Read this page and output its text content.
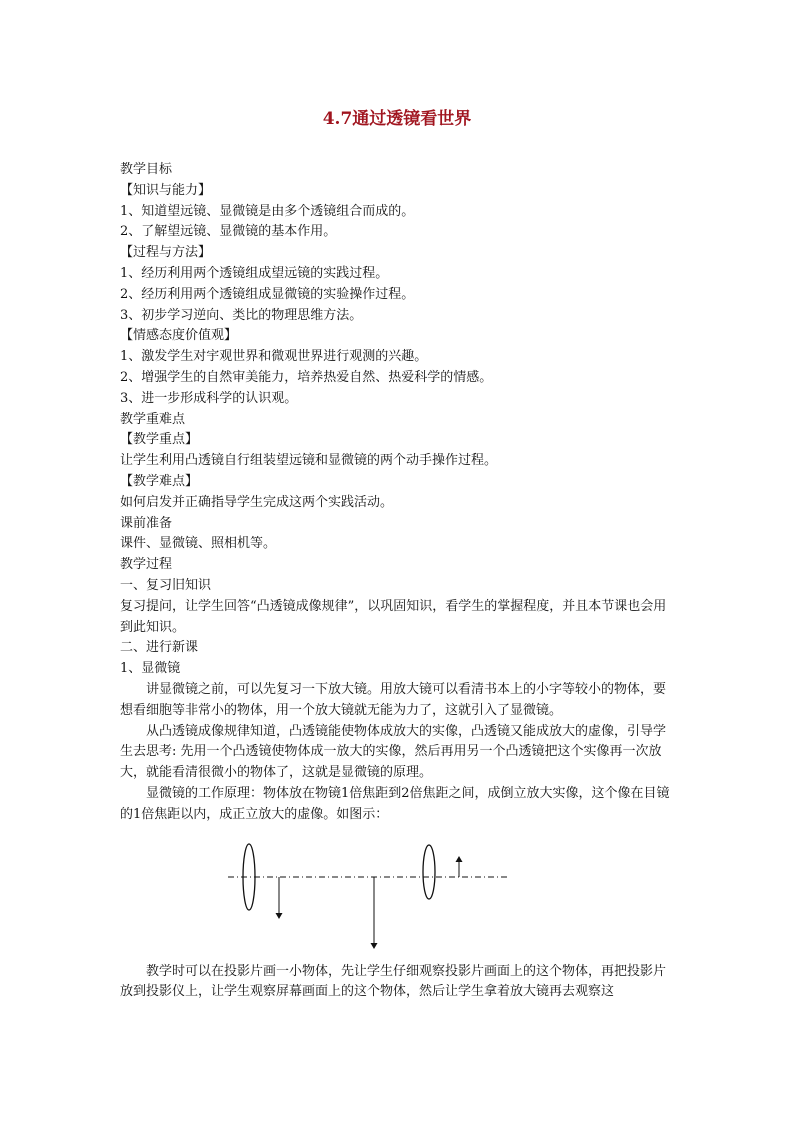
4.7通过透镜看世界

教学目标

【知识与能力】

1、知道望远镜、显微镜是由多个透镜组合而成的。

2、了解望远镜、显微镜的基本作用。

【过程与方法】

1、经历利用两个透镜组成望远镜的实践过程。

2、经历利用两个透镜组成显微镜的实验操作过程。

3、初步学习逆向、类比的物理思维方法。

【情感态度价值观】

1、激发学生对宇观世界和微观世界进行观测的兴趣。

2、增强学生的自然审美能力，培养热爱自然、热爱科学的情感。

3、进一步形成科学的认识观。

教学重难点

【教学重点】

让学生利用凸透镜自行组装望远镜和显微镜的两个动手操作过程。

【教学难点】

如何启发并正确指导学生完成这两个实践活动。

课前准备

课件、显微镜、照相机等。

教学过程

一、复习旧知识

复习提问，让学生回答“凸透镜成像规律”，以巩固知识，看学生的掌握程度，并且本节课也会用到此知识。

二、进行新课

1、显微镜

讲显微镜之前，可以先复习一下放大镜。用放大镜可以看清书本上的小字等较小的物体，要想看细胞等非常小的物体，用一个放大镜就无能为力了，这就引入了显微镜。

从凸透镜成像规律知道，凸透镜能使物体成放大的实像，凸透镜又能成放大的虚像，引导学生去思考: 先用一个凸透镜使物体成一放大的实像，然后再用另一个凸透镜把这个实像再一次放大，就能看清很微小的物体了，这就是显微镜的原理。

显微镜的工作原理：物体放在物镜1倍焦距到2倍焦距之间，成倒立放大实像，这个像在目镜的1倍焦距以内，成正立放大的虚像。如图示：

教学时可以在投影片画一小物体，先让学生仔细观察投影片画面上的这个物体，再把投影片放到投影仪上，让学生观察屏幕画面上的这个物体，然后让学生拿着放大镜再去观察这
